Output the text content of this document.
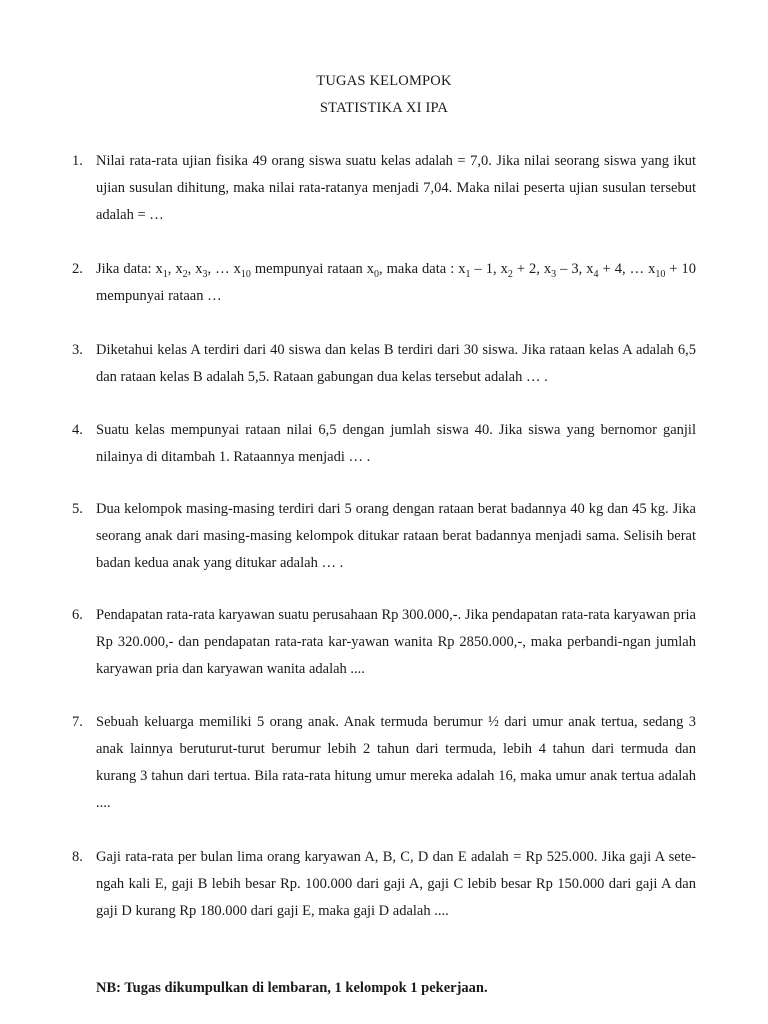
TUGAS KELOMPOK
STATISTIKA XI IPA
1. Nilai rata-rata ujian fisika 49 orang siswa suatu kelas adalah = 7,0. Jika nilai seorang siswa yang ikut ujian susulan dihitung, maka nilai rata-ratanya menjadi 7,04. Maka nilai peserta ujian susulan tersebut adalah = …
2. Jika data: $x_1$, $x_2$, $x_3$, … $x_{10}$ mempunyai rataan $x_0$, maka data : $x_1 - 1$, $x_2 + 2$, $x_3 - 3$, $x_4 + 4$, … $x_{10} + 10$ mempunyai rataan …
3. Diketahui kelas A terdiri dari 40 siswa dan kelas B terdiri dari 30 siswa. Jika rataan kelas A adalah 6,5 dan rataan kelas B adalah 5,5. Rataan gabungan dua kelas tersebut adalah … .
4. Suatu kelas mempunyai rataan nilai 6,5 dengan jumlah siswa 40. Jika siswa yang bernomor ganjil nilainya di ditambah 1. Rataannya menjadi … .
5. Dua kelompok masing-masing terdiri dari 5 orang dengan rataan berat badannya 40 kg dan 45 kg. Jika seorang anak dari masing-masing kelompok ditukar rataan berat badannya menjadi sama. Selisih berat badan kedua anak yang ditukar adalah … .
6. Pendapatan rata-rata karyawan suatu perusahaan Rp 300.000,-. Jika pendapatan rata-rata karyawan pria Rp 320.000,- dan pendapatan rata-rata kar-yawan wanita Rp 2850.000,-, maka perbandi-ngan jumlah karyawan pria dan karyawan wanita adalah ....
7. Sebuah keluarga memiliki 5 orang anak. Anak termuda berumur ½ dari umur anak tertua, sedang 3 anak lainnya beruturut-turut berumur lebih 2 tahun dari termuda, lebih 4 tahun dari termuda dan kurang 3 tahun dari tertua. Bila rata-rata hitung umur mereka adalah 16, maka umur anak tertua adalah ....
8. Gaji rata-rata per bulan lima orang karyawan A, B, C, D dan E adalah = Rp 525.000. Jika gaji A sete-ngah kali E, gaji B lebih besar Rp. 100.000 dari gaji A, gaji C lebib besar Rp 150.000 dari gaji A dan gaji D kurang Rp 180.000 dari gaji E, maka gaji D adalah ....
NB: Tugas dikumpulkan di lembaran, 1 kelompok 1 pekerjaan.
